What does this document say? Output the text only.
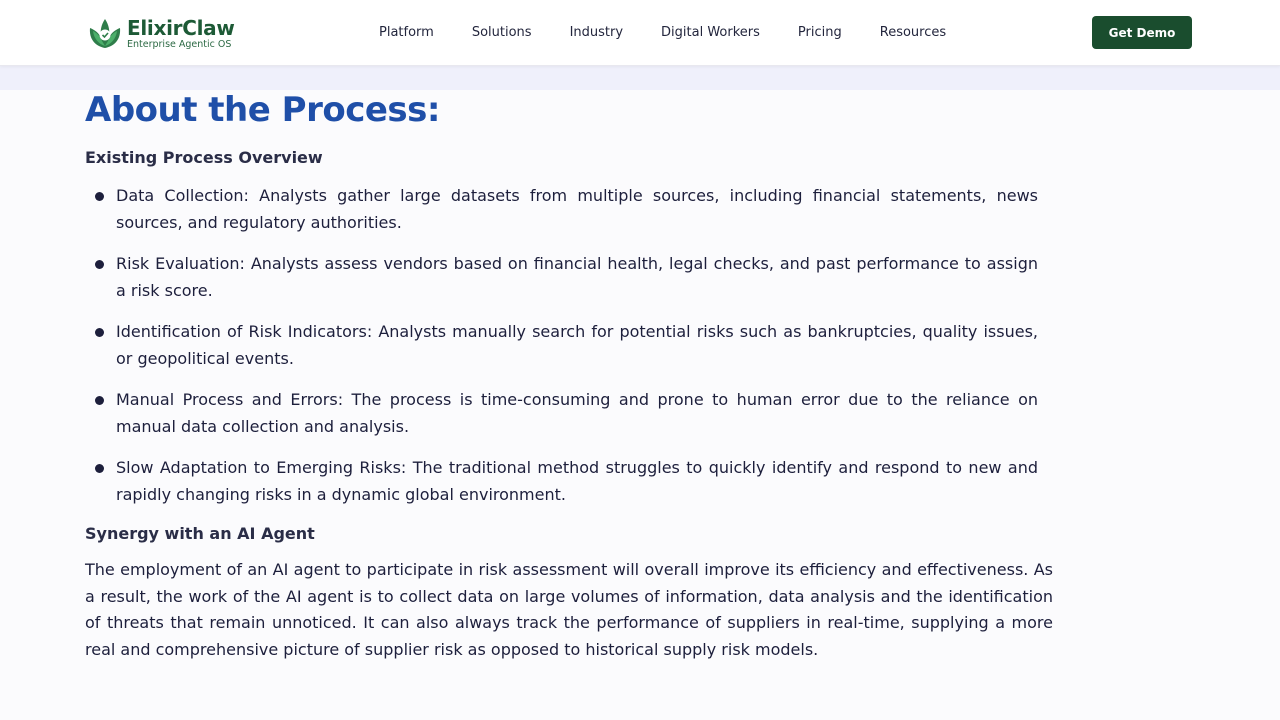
ElixirClaw
Enterprise Agentic OS
Platform	Solutions	Industry	Digital Workers	Pricing	Resources	Get Demo
About the Process:
Existing Process Overview
Data Collection: Analysts gather large datasets from multiple sources, including financial statements, news sources, and regulatory authorities.
Risk Evaluation: Analysts assess vendors based on financial health, legal checks, and past performance to assign a risk score.
Identification of Risk Indicators: Analysts manually search for potential risks such as bankruptcies, quality issues, or geopolitical events.
Manual Process and Errors: The process is time-consuming and prone to human error due to the reliance on manual data collection and analysis.
Slow Adaptation to Emerging Risks: The traditional method struggles to quickly identify and respond to new and rapidly changing risks in a dynamic global environment.
Synergy with an AI Agent

The employment of an AI agent to participate in risk assessment will overall improve its efficiency and effectiveness. As a result, the work of the AI agent is to collect data on large volumes of information, data analysis and the identification of threats that remain unnoticed. It can also always track the performance of suppliers in real-time, supplying a more real and comprehensive picture of supplier risk as opposed to historical supply risk models.
